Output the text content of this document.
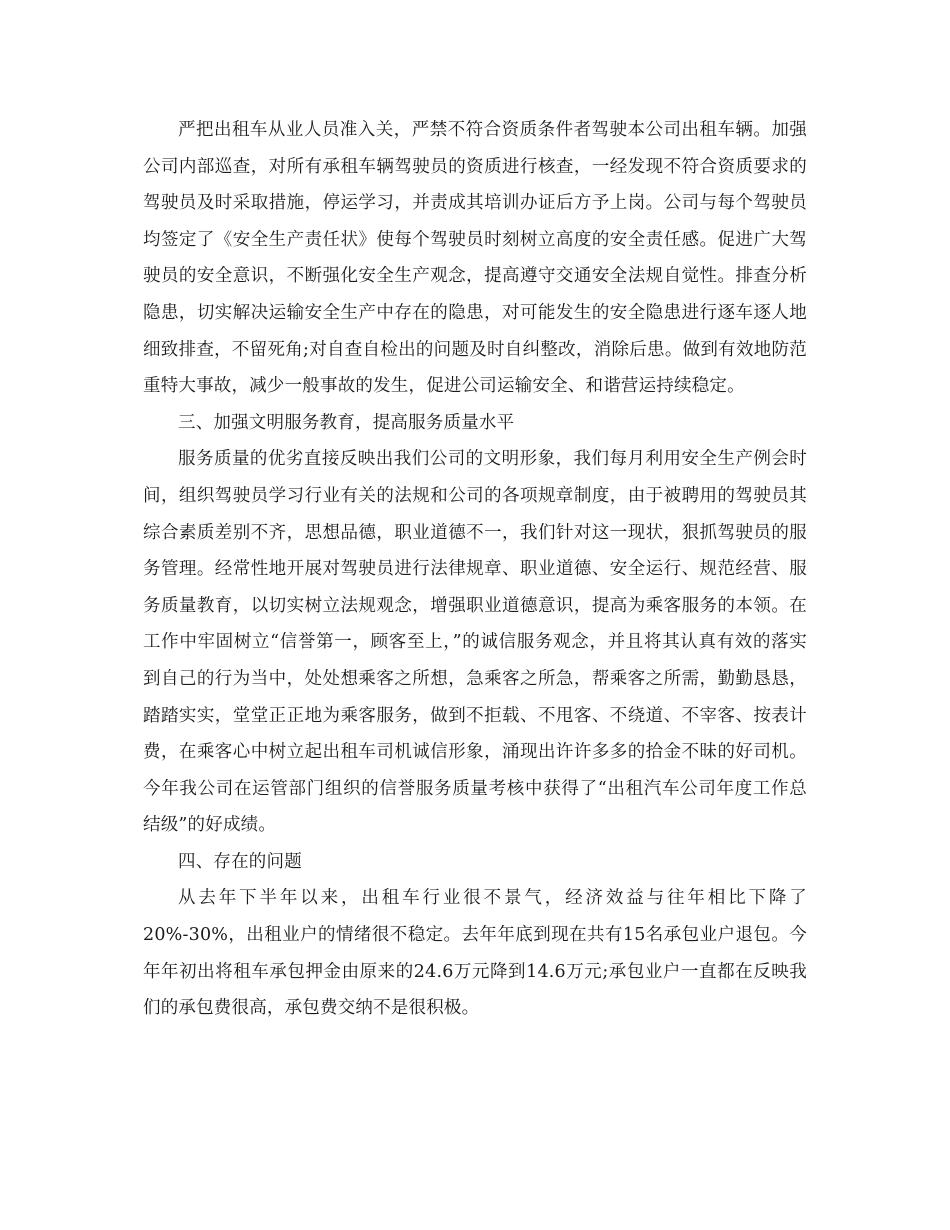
严把出租车从业人员准入关，严禁不符合资质条件者驾驶本公司出租车辆。加强公司内部巡查，对所有承租车辆驾驶员的资质进行核查，一经发现不符合资质要求的驾驶员及时采取措施，停运学习，并责成其培训办证后方予上岗。公司与每个驾驶员均签定了《安全生产责任状》使每个驾驶员时刻树立高度的安全责任感。促进广大驾驶员的安全意识，不断强化安全生产观念，提高遵守交通安全法规自觉性。排查分析隐患，切实解决运输安全生产中存在的隐患，对可能发生的安全隐患进行逐车逐人地细致排查，不留死角;对自查自检出的问题及时自纠整改，消除后患。做到有效地防范重特大事故，减少一般事故的发生，促进公司运输安全、和谐营运持续稳定。

三、加强文明服务教育，提高服务质量水平

服务质量的优劣直接反映出我们公司的文明形象，我们每月利用安全生产例会时间，组织驾驶员学习行业有关的法规和公司的各项规章制度，由于被聘用的驾驶员其综合素质差别不齐，思想品德，职业道德不一，我们针对这一现状，狠抓驾驶员的服务管理。经常性地开展对驾驶员进行法律规章、职业道德、安全运行、规范经营、服务质量教育，以切实树立法规观念，增强职业道德意识，提高为乘客服务的本领。在工作中牢固树立“信誉第一，顾客至上，”的诚信服务观念，并且将其认真有效的落实到自己的行为当中，处处想乘客之所想，急乘客之所急，帮乘客之所需，勤勤恳恳，踏踏实实，堂堂正正地为乘客服务，做到不拒载、不甩客、不绕道、不宰客、按表计费，在乘客心中树立起出租车司机诚信形象，涌现出许许多多的拾金不昧的好司机。今年我公司在运管部门组织的信誉服务质量考核中获得了“出租汽车公司年度工作总结级”的好成绩。

四、存在的问题

从去年下半年以来，出租车行业很不景气，经济效益与往年相比下降了20%-30%，出租业户的情绪很不稳定。去年年底到现在共有15名承包业户退包。今年年初出将租车承包押金由原来的24.6万元降到14.6万元;承包业户一直都在反映我们的承包费很高，承包费交纳不是很积极。
